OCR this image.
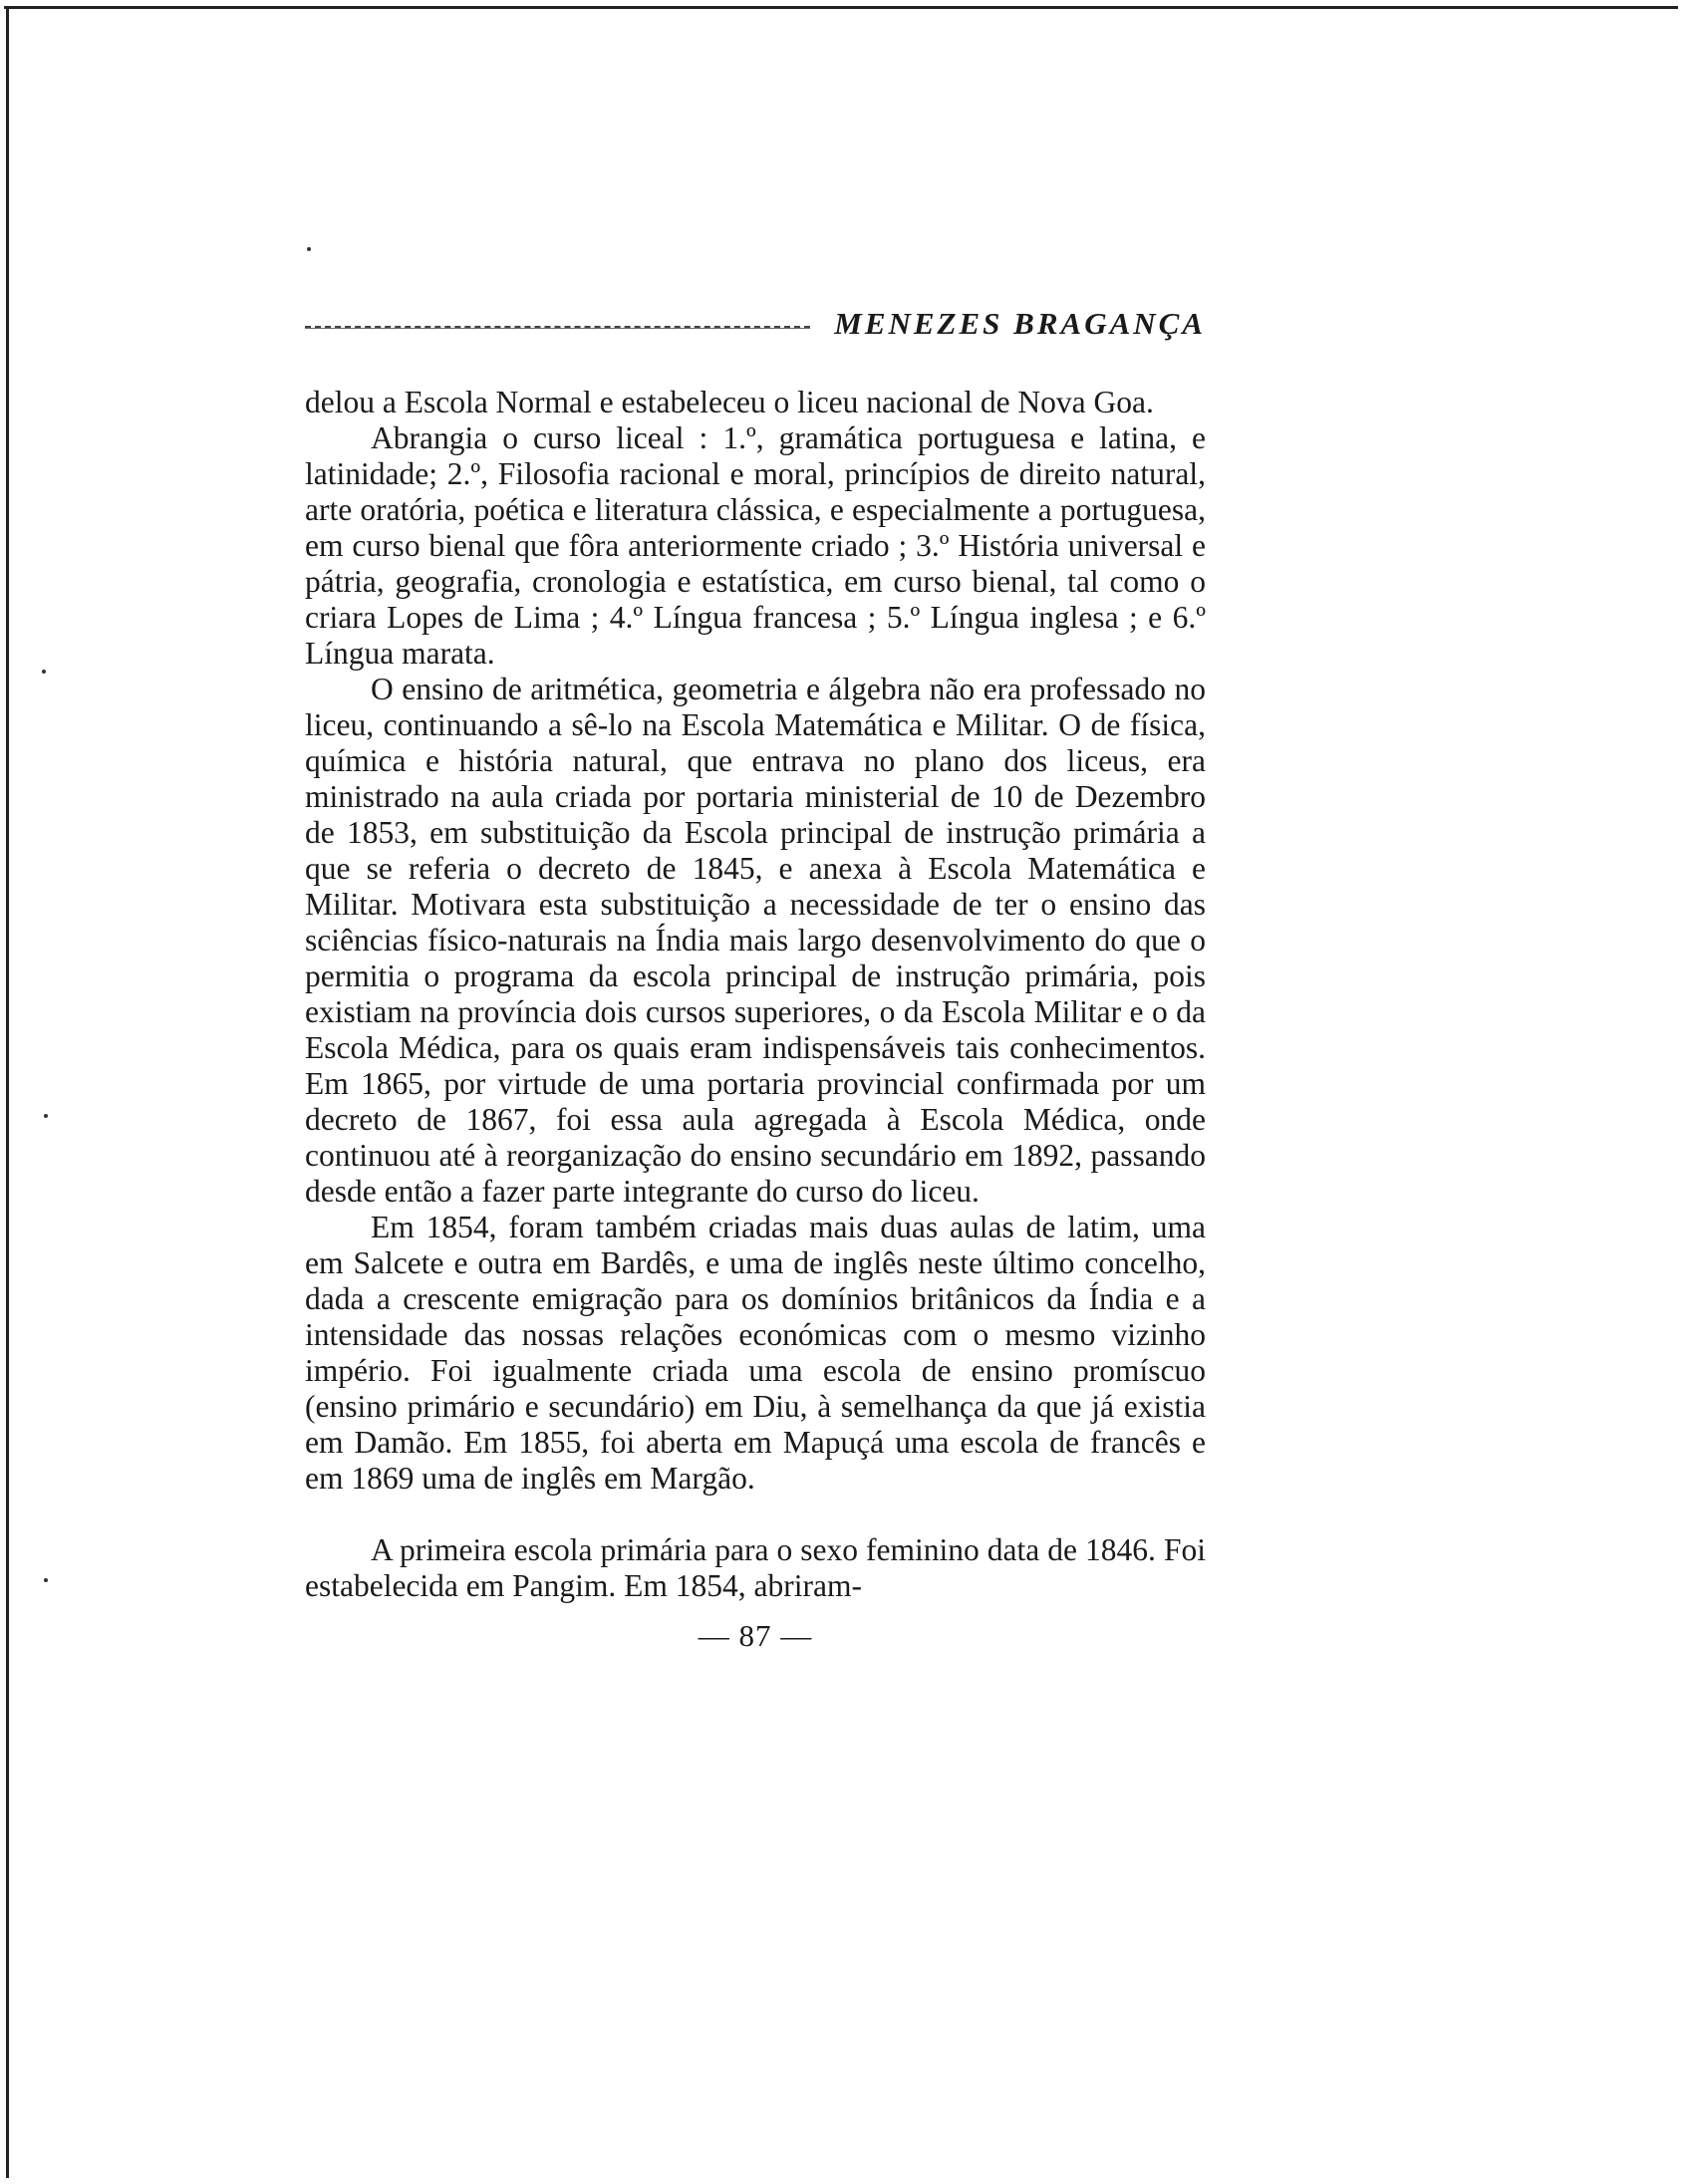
MENEZES BRAGANÇA

delou a Escola Normal e estabeleceu o liceu nacional de Nova Goa.

Abrangia o curso liceal : 1.º, gramática portuguesa e latina, e latinidade; 2.º, Filosofia racional e moral, princípios de direito natural, arte oratória, poética e literatura clássica, e especialmente a portuguesa, em curso bienal que fôra anteriormente criado ; 3.º História universal e pátria, geografia, cronologia e estatística, em curso bienal, tal como o criara Lopes de Lima ; 4.º Língua francesa ; 5.º Língua inglesa ; e 6.º Língua marata.

O ensino de aritmética, geometria e álgebra não era professado no liceu, continuando a sê-lo na Escola Matemática e Militar. O de física, química e história natural, que entrava no plano dos liceus, era ministrado na aula criada por portaria ministerial de 10 de Dezembro de 1853, em substituição da Escola principal de instrução primária a que se referia o decreto de 1845, e anexa à Escola Matemática e Militar. Motivara esta substituição a necessidade de ter o ensino das sciências físico-naturais na Índia mais largo desenvolvimento do que o permitia o programa da escola principal de instrução primária, pois existiam na província dois cursos superiores, o da Escola Militar e o da Escola Médica, para os quais eram indispensáveis tais conhecimentos. Em 1865, por virtude de uma portaria provincial confirmada por um decreto de 1867, foi essa aula agregada à Escola Médica, onde continuou até à reorganização do ensino secundário em 1892, passando desde então a fazer parte integrante do curso do liceu.

Em 1854, foram também criadas mais duas aulas de latim, uma em Salcete e outra em Bardês, e uma de inglês neste último concelho, dada a crescente emigração para os domínios britânicos da Índia e a intensidade das nossas relações económicas com o mesmo vizinho império. Foi igualmente criada uma escola de ensino promíscuo (ensino primário e secundário) em Diu, à semelhança da que já existia em Damão. Em 1855, foi aberta em Mapuçá uma escola de francês e em 1869 uma de inglês em Margão.

A primeira escola primária para o sexo feminino data de 1846. Foi estabelecida em Pangim. Em 1854, abriram-

— 87 —
